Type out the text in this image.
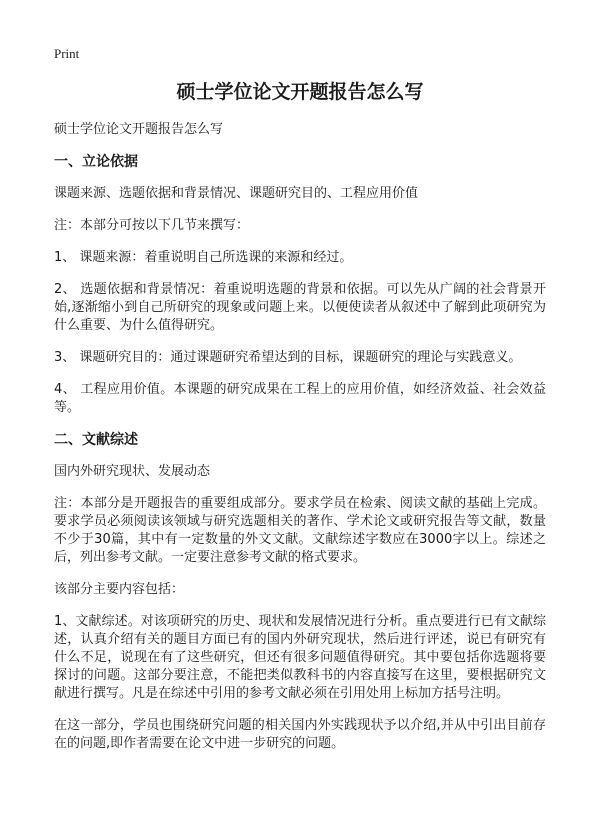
Print
硕士学位论文开题报告怎么写

硕士学位论文开题报告怎么写

一、立论依据

课题来源、选题依据和背景情况、课题研究目的、工程应用价值

注：本部分可按以下几节来撰写：

1、 课题来源：着重说明自己所选课的来源和经过。

2、 选题依据和背景情况：着重说明选题的背景和依据。可以先从广阔的社会背景开始,逐渐缩小到自己所研究的现象或问题上来。以便使读者从叙述中了解到此项研究为什么重要、为什么值得研究。

3、 课题研究目的：通过课题研究希望达到的目标，课题研究的理论与实践意义。

4、 工程应用价值。本课题的研究成果在工程上的应用价值，如经济效益、社会效益等。

二、文献综述

国内外研究现状、发展动态

注：本部分是开题报告的重要组成部分。要求学员在检索、阅读文献的基础上完成。要求学员必须阅读该领域与研究选题相关的著作、学术论文或研究报告等文献，数量不少于30篇，其中有一定数量的外文文献。文献综述字数应在3000字以上。综述之后，列出参考文献。一定要注意参考文献的格式要求。

该部分主要内容包括：

1、文献综述。对该项研究的历史、现状和发展情况进行分析。重点要进行已有文献综述，认真介绍有关的题目方面已有的国内外研究现状，然后进行评述，说已有研究有什么不足，说现在有了这些研究，但还有很多问题值得研究。其中要包括你选题将要探讨的问题。这部分要注意，不能把类似教科书的内容直接写在这里，要根据研究文献进行撰写。凡是在综述中引用的参考文献必须在引用处用上标加方括号注明。

在这一部分，学员也围绕研究问题的相关国内外实践现状予以介绍,并从中引出目前存在的问题,即作者需要在论文中进一步研究的问题。
